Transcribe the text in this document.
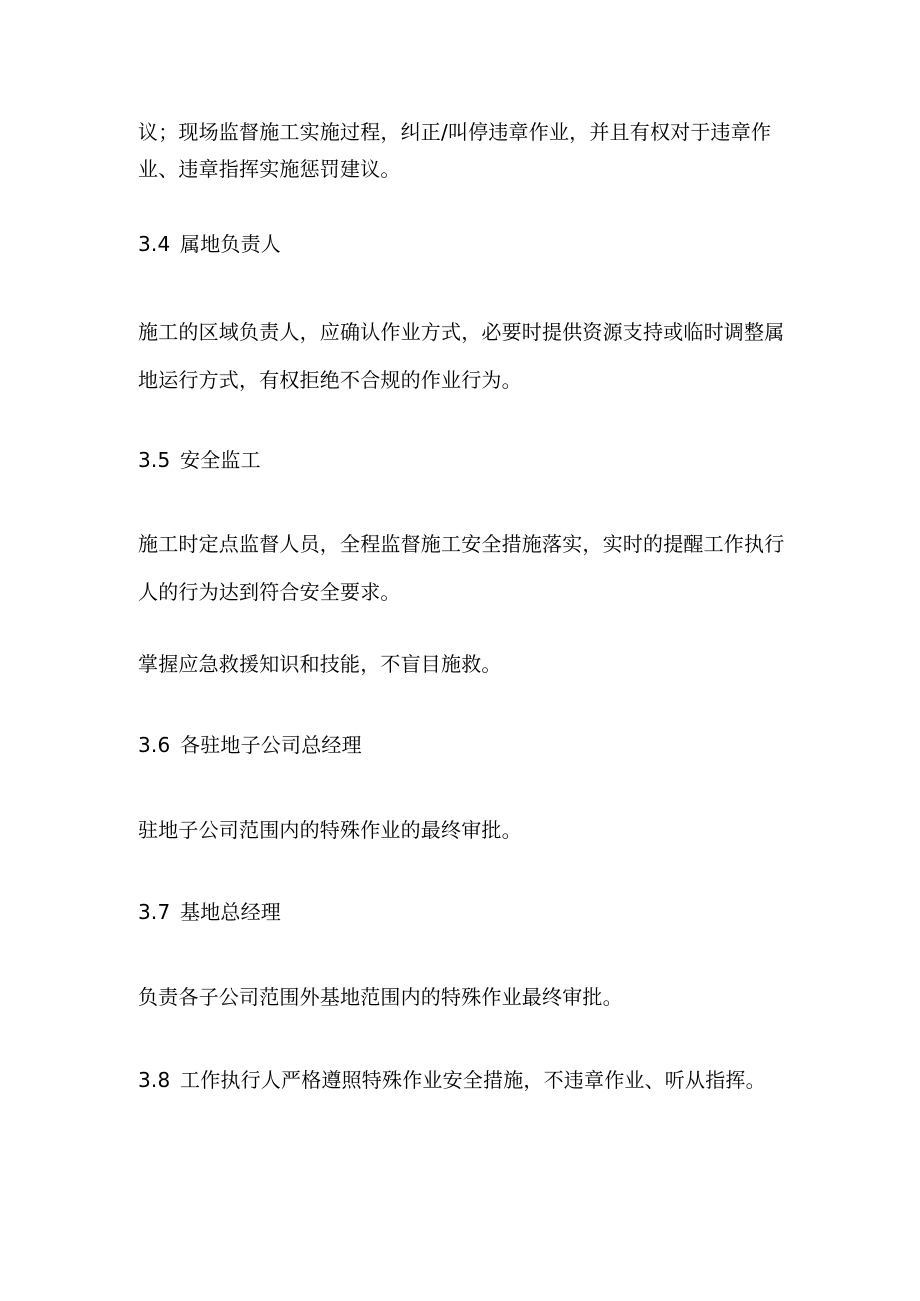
议；现场监督施工实施过程，纠正/叫停违章作业，并且有权对于违章作
业、违章指挥实施惩罚建议。
3.4 属地负责人
施工的区域负责人，应确认作业方式，必要时提供资源支持或临时调整属
地运行方式，有权拒绝不合规的作业行为。
3.5 安全监工
施工时定点监督人员，全程监督施工安全措施落实，实时的提醒工作执行
人的行为达到符合安全要求。
掌握应急救援知识和技能，不盲目施救。
3.6 各驻地子公司总经理
驻地子公司范围内的特殊作业的最终审批。
3.7 基地总经理
负责各子公司范围外基地范围内的特殊作业最终审批。
3.8 工作执行人严格遵照特殊作业安全措施，不违章作业、听从指挥。
